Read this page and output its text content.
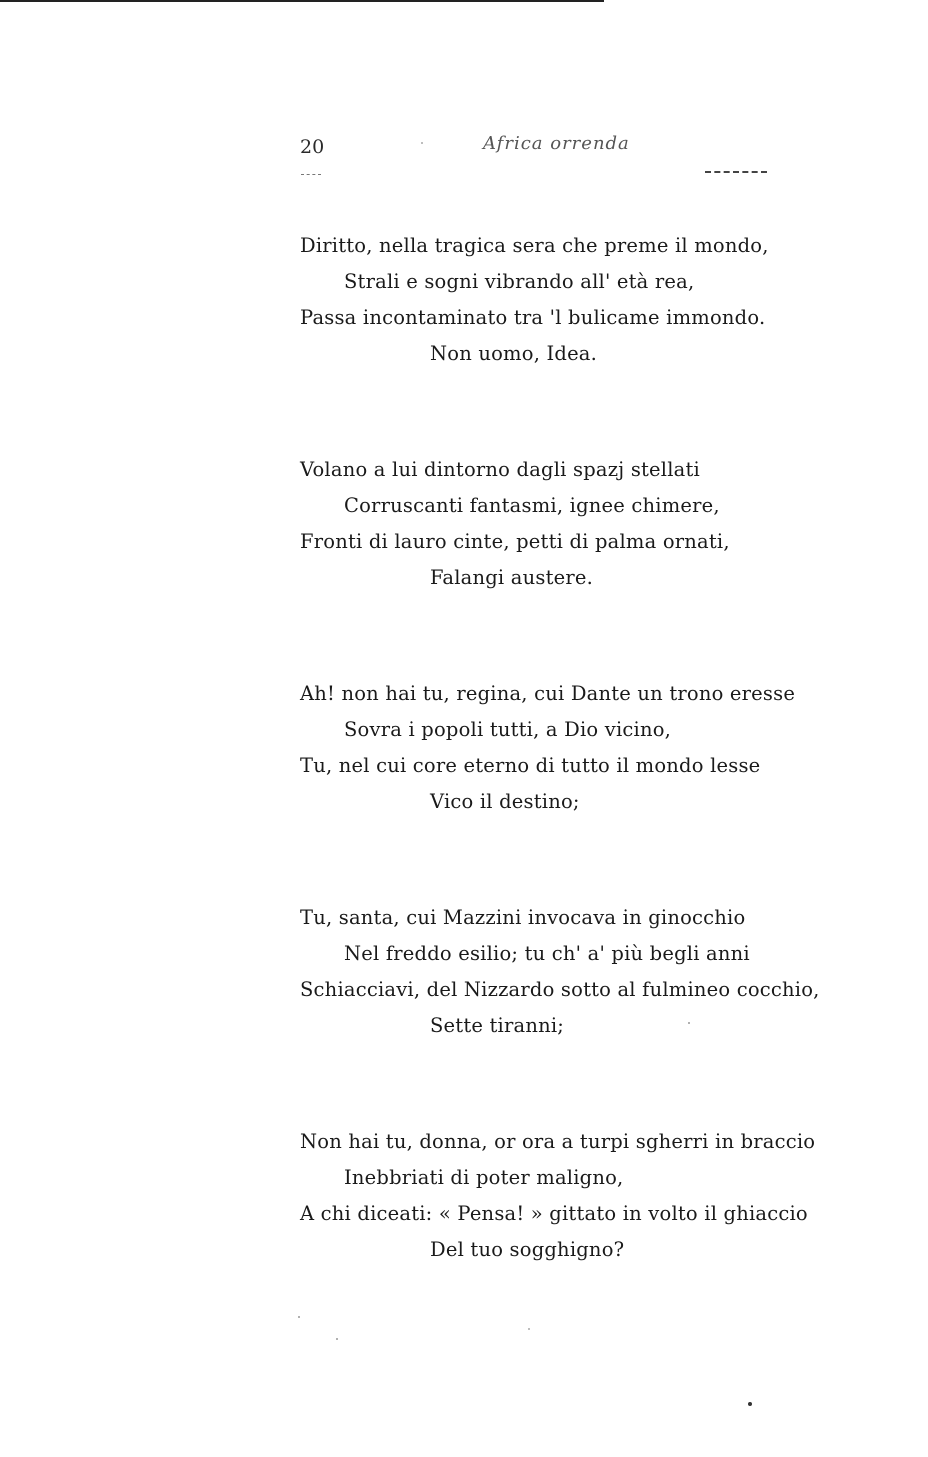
20	Africa orrenda
Diritto, nella tragica sera che preme il mondo,
Strali e sogni vibrando all' età rea,
Passa incontaminato tra 'l bulicame immondo.
Non uomo, Idea.
Volano a lui dintorno dagli spazj stellati
Corruscanti fantasmi, ignee chimere,
Fronti di lauro cinte, petti di palma ornati,
Falangi austere.
Ah! non hai tu, regina, cui Dante un trono eresse
Sovra i popoli tutti, a Dio vicino,
Tu, nel cui core eterno di tutto il mondo lesse
Vico il destino;
Tu, santa, cui Mazzini invocava in ginocchio
Nel freddo esilio; tu ch' a' più begli anni
Schiacciavi, del Nizzardo sotto al fulmineo cocchio,
Sette tiranni;
Non hai tu, donna, or ora a turpi sgherri in braccio
Inebbriati di poter maligno,
A chi diceati: « Pensa! » gittato in volto il ghiaccio
Del tuo sogghigno?
